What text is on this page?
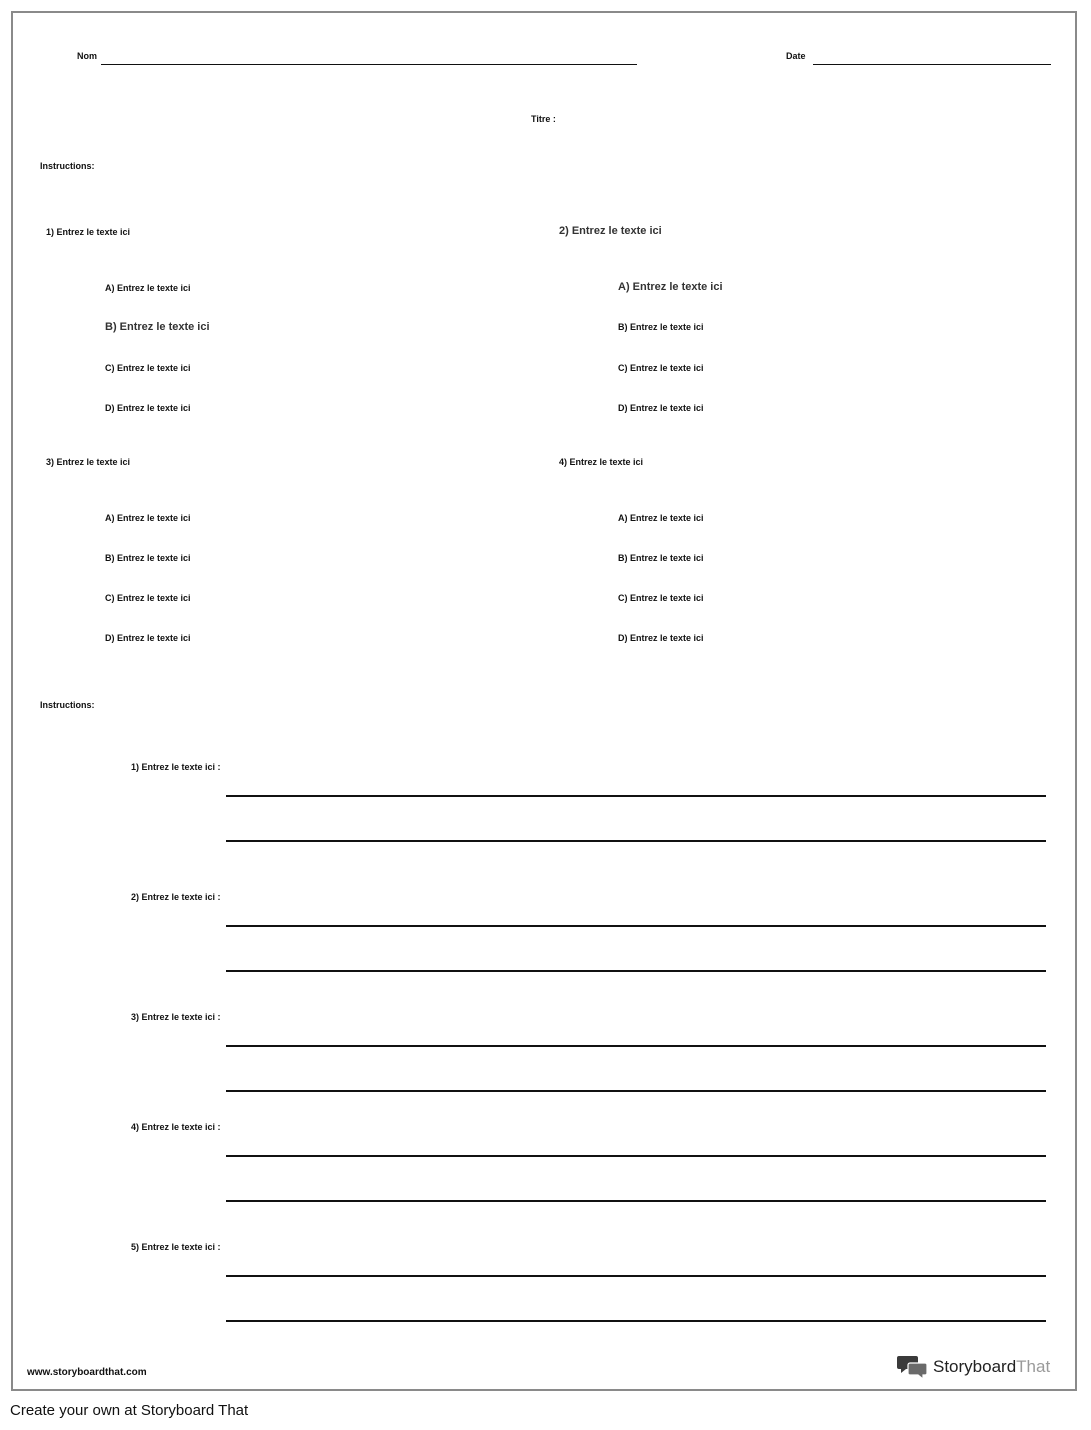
Nom	Date
Titre :
Instructions:
1) Entrez le texte ici
A) Entrez le texte ici
B) Entrez le texte ici
C) Entrez le texte ici
D) Entrez le texte ici
2) Entrez le texte ici
A) Entrez le texte ici
B) Entrez le texte ici
C) Entrez le texte ici
D) Entrez le texte ici
3) Entrez le texte ici
A) Entrez le texte ici
B) Entrez le texte ici
C) Entrez le texte ici
D) Entrez le texte ici
4) Entrez le texte ici
A) Entrez le texte ici
B) Entrez le texte ici
C) Entrez le texte ici
D) Entrez le texte ici
Instructions:
1) Entrez le texte ici :
2) Entrez le texte ici :
3) Entrez le texte ici :
4) Entrez le texte ici :
5) Entrez le texte ici :
www.storyboardthat.com	StoryboardThat
Create your own at Storyboard That
